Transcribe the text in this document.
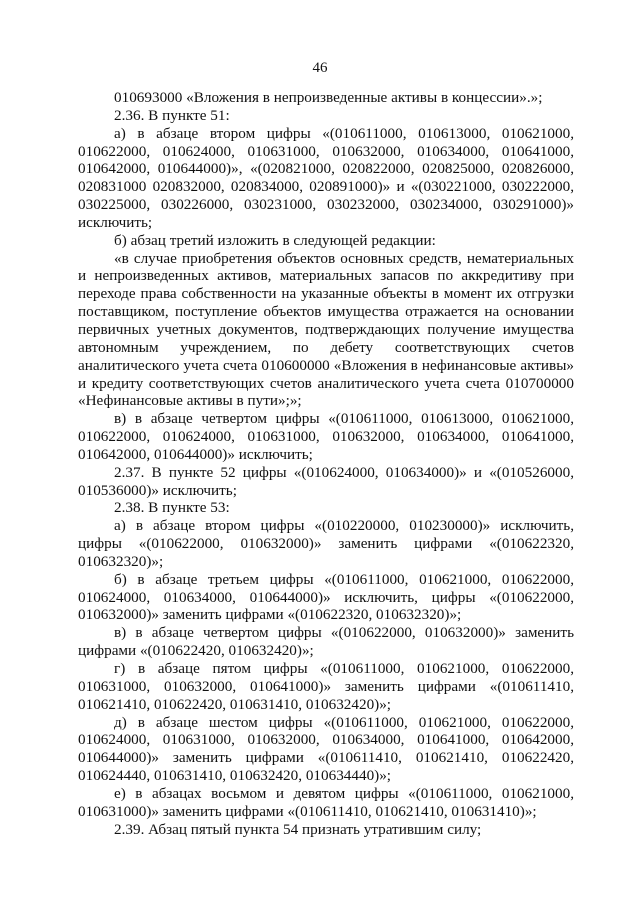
46

010693000 «Вложения в непроизведенные активы в концессии».»;

2.36. В пункте 51:

а) в абзаце втором цифры «(010611000, 010613000, 010621000, 010622000, 010624000, 010631000, 010632000, 010634000, 010641000, 010642000, 010644000)», «(020821000, 020822000, 020825000, 020826000, 020831000 020832000, 020834000, 020891000)» и «(030221000, 030222000, 030225000, 030226000, 030231000, 030232000, 030234000, 030291000)» исключить;

б) абзац третий изложить в следующей редакции:

«в случае приобретения объектов основных средств, нематериальных и непроизведенных активов, материальных запасов по аккредитиву при переходе права собственности на указанные объекты в момент их отгрузки поставщиком, поступление объектов имущества отражается на основании первичных учетных документов, подтверждающих получение имущества автономным учреждением, по дебету соответствующих счетов аналитического учета счета 010600000 «Вложения в нефинансовые активы» и кредиту соответствующих счетов аналитического учета счета 010700000 «Нефинансовые активы в пути»;»;

в) в абзаце четвертом цифры «(010611000, 010613000, 010621000, 010622000, 010624000, 010631000, 010632000, 010634000, 010641000, 010642000, 010644000)» исключить;

2.37. В пункте 52 цифры «(010624000, 010634000)» и «(010526000, 010536000)» исключить;

2.38. В пункте 53:

а) в абзаце втором цифры «(010220000, 010230000)» исключить, цифры «(010622000, 010632000)» заменить цифрами «(010622320, 010632320)»;

б) в абзаце третьем цифры «(010611000, 010621000, 010622000, 010624000, 010634000, 010644000)» исключить, цифры «(010622000, 010632000)» заменить цифрами «(010622320, 010632320)»;

в) в абзаце четвертом цифры «(010622000, 010632000)» заменить цифрами «(010622420, 010632420)»;

г) в абзаце пятом цифры «(010611000, 010621000, 010622000, 010631000, 010632000, 010641000)» заменить цифрами «(010611410, 010621410, 010622420, 010631410, 010632420)»;

д) в абзаце шестом цифры «(010611000, 010621000, 010622000, 010624000, 010631000, 010632000, 010634000, 010641000, 010642000, 010644000)» заменить цифрами «(010611410, 010621410, 010622420, 010624440, 010631410, 010632420, 010634440)»;

е) в абзацах восьмом и девятом цифры «(010611000, 010621000, 010631000)» заменить цифрами «(010611410, 010621410, 010631410)»;

2.39. Абзац пятый пункта 54 признать утратившим силу;
